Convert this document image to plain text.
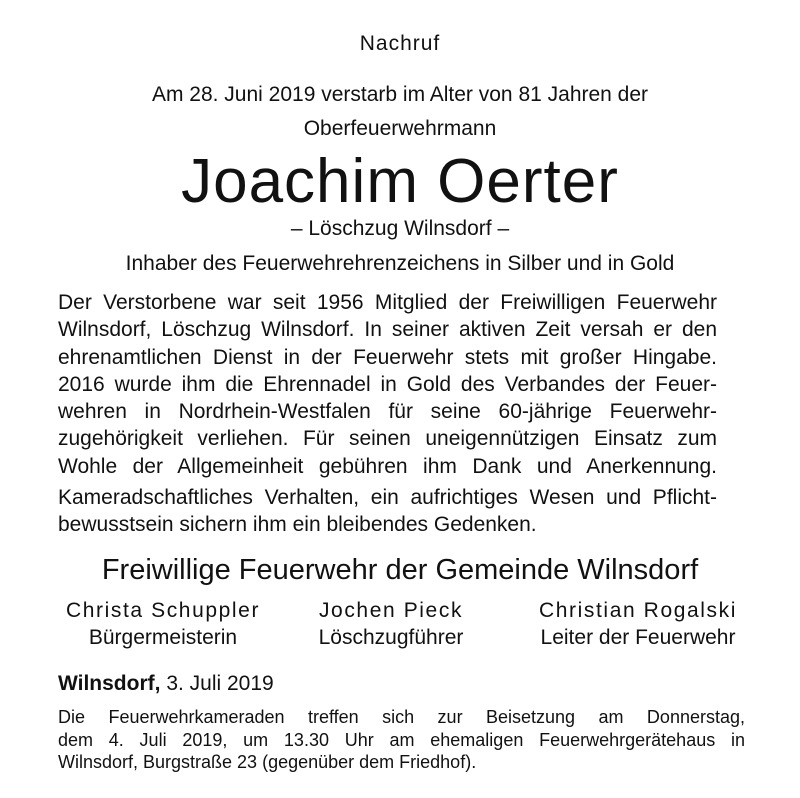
Nachruf
Am 28. Juni 2019 verstarb im Alter von 81 Jahren der
Oberfeuerwehrmann
Joachim Oerter
– Löschzug Wilnsdorf –
Inhaber des Feuerwehrehrenzeichens in Silber und in Gold
Der Verstorbene war seit 1956 Mitglied der Freiwilligen Feuerwehr
Wilnsdorf, Löschzug Wilnsdorf. In seiner aktiven Zeit versah er den
ehrenamtlichen Dienst in der Feuerwehr stets mit großer Hingabe.
2016 wurde ihm die Ehrennadel in Gold des Verbandes der Feuer-
wehren in Nordrhein-Westfalen für seine 60-jährige Feuerwehr-
zugehörigkeit verliehen. Für seinen uneigennützigen Einsatz zum
Wohle der Allgemeinheit gebühren ihm Dank und Anerkennung.
Kameradschaftliches Verhalten, ein aufrichtiges Wesen und Pflicht-
bewusstsein sichern ihm ein bleibendes Gedenken.
Freiwillige Feuerwehr der Gemeinde Wilnsdorf
Christa Schuppler
Bürgermeisterin
Jochen Pieck
Löschzugführer
Christian Rogalski
Leiter der Feuerwehr
Wilnsdorf, 3. Juli 2019
Die Feuerwehrkameraden treffen sich zur Beisetzung am Donnerstag,
dem 4. Juli 2019, um 13.30 Uhr am ehemaligen Feuerwehrgerätehaus in
Wilnsdorf, Burgstraße 23 (gegenüber dem Friedhof).
